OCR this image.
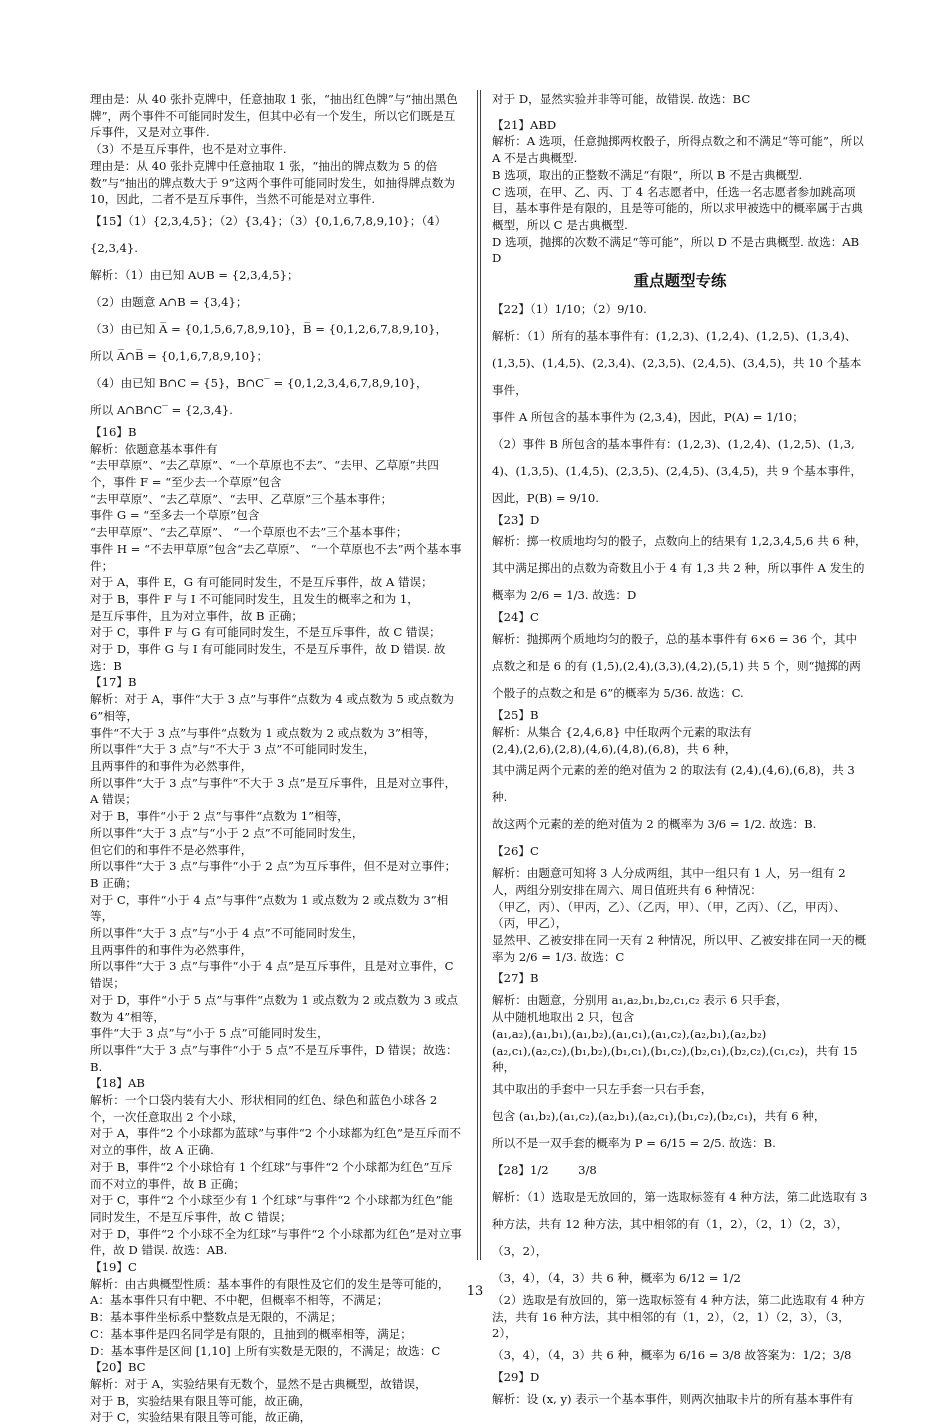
理由是：从 40 张扑克牌中，任意抽取 1 张，“抽出红色牌”与“抽出黑色牌”，两个事件不可能同时发生，但其中必有一个发生，所以它们既是互斥事件，又是对立事件.

（3）不是互斥事件，也不是对立事件.

理由是：从 40 张扑克牌中任意抽取 1 张，“抽出的牌点数为 5 的倍数”与“抽出的牌点数大于 9”这两个事件可能同时发生，如抽得牌点数为 10，因此，二者不是互斥事件，当然不可能是对立事件.

【15】（1）{2,3,4,5}；（2）{3,4}；（3）{0,1,6,7,8,9,10}；（4）{2,3,4}.

解析：（1）由已知 A∪B = {2,3,4,5}；

（2）由题意 A∩B = {3,4}；

（3）由已知 A̅ = {0,1,5,6,7,8,9,10}，B̅ = {0,1,2,6,7,8,9,10}，

所以 A̅∩B̅ = {0,1,6,7,8,9,10}；

（4）由已知 B∩C = {5}，B∩C‾ = {0,1,2,3,4,6,7,8,9,10}，

所以 A∩B∩C‾ = {2,3,4}.

【16】B

解析：依题意基本事件有

“去甲草原”、“去乙草原”、“一个草原也不去”、“去甲、乙草原”共四个，事件 F = “至少去一个草原”包含

“去甲草原”、“去乙草原”、“去甲、乙草原”三个基本事件；

事件 G = “至多去一个草原”包含

“去甲草原”、“去乙草原”、 “一个草原也不去”三个基本事件；

事件 H = “不去甲草原”包含“去乙草原”、 “一个草原也不去”两个基本事件；

对于 A，事件 E，G 有可能同时发生，不是互斥事件，故 A 错误；

对于 B，事件 F 与 I 不可能同时发生，且发生的概率之和为 1，

是互斥事件，且为对立事件，故 B 正确；

对于 C，事件 F 与 G 有可能同时发生，不是互斥事件，故 C 错误；

对于 D，事件 G 与 I 有可能同时发生，不是互斥事件，故 D 错误. 故选：B

【17】B

解析：对于 A，事件“大于 3 点”与事件“点数为 4 或点数为 5 或点数为 6”相等，

事件“不大于 3 点”与事件“点数为 1 或点数为 2 或点数为 3”相等，

所以事件“大于 3 点”与“不大于 3 点”不可能同时发生，

且两事件的和事件为必然事件，

所以事件“大于 3 点”与事件“不大于 3 点”是互斥事件，且是对立事件，A 错误；

对于 B，事件“小于 2 点”与事件“点数为 1”相等，

所以事件“大于 3 点”与“小于 2 点”不可能同时发生，

但它们的和事件不是必然事件，

所以事件“大于 3 点”与事件“小于 2 点”为互斥事件，但不是对立事件；B 正确；

对于 C，事件“小于 4 点”与事件“点数为 1 或点数为 2 或点数为 3”相等，

所以事件“大于 3 点”与“小于 4 点”不可能同时发生，

且两事件的和事件为必然事件，

所以事件“大于 3 点”与事件“小于 4 点”是互斥事件，且是对立事件，C 错误；

对于 D，事件“小于 5 点”与事件“点数为 1 或点数为 2 或点数为 3 或点数为 4”相等，

事件“大于 3 点”与“小于 5 点”可能同时发生，

所以事件“大于 3 点”与事件“小于 5 点”不是互斥事件，D 错误；故选：B.

【18】AB

解析：一个口袋内装有大小、形状相同的红色、绿色和蓝色小球各 2 个，一次任意取出 2 个小球，

对于 A，事件“2 个小球都为蓝球”与事件“2 个小球都为红色”是互斥而不对立的事件，故 A 正确.

对于 B，事件“2 个小球恰有 1 个红球”与事件“2 个小球都为红色”互斥而不对立的事件，故 B 正确；

对于 C，事件“2 个小球至少有 1 个红球”与事件“2 个小球都为红色”能同时发生，不是互斥事件，故 C 错误；

对于 D，事件“2 个小球不全为红球”与事件“2 个小球都为红色”是对立事件，故 D 错误. 故选：AB.

【19】C

解析：由古典概型性质：基本事件的有限性及它们的发生是等可能的，

A：基本事件只有中靶、不中靶，但概率不相等，不满足；

B：基本事件坐标系中整数点是无限的，不满足；

C：基本事件是四名同学是有限的，且抽到的概率相等，满足；

D：基本事件是区间 [1,10] 上所有实数是无限的，不满足；故选：C

【20】BC

解析：对于 A，实验结果有无数个，显然不是古典概型，故错误，

对于 B，实验结果有限且等可能，故正确，

对于 C，实验结果有限且等可能，故正确，

对于 D，显然实验并非等可能，故错误. 故选：BC

【21】ABD

解析：A 选项，任意抛掷两枚骰子，所得点数之和不满足“等可能”，所以 A 不是古典概型.

B 选项，取出的正整数不满足“有限”，所以 B 不是古典概型.

C 选项，在甲、乙、丙、丁 4 名志愿者中，任选一名志愿者参加跳高项目，基本事件是有限的，且是等可能的，所以求甲被选中的概率属于古典概型，所以 C 是古典概型.

D 选项，抛掷的次数不满足“等可能”，所以 D 不是古典概型. 故选：ABD

重点题型专练

【22】（1）1/10；（2）9/10.

解析：（1）所有的基本事件有：(1,2,3)、(1,2,4)、(1,2,5)、(1,3,4)、(1,3,5)、(1,4,5)、(2,3,4)、(2,3,5)、(2,4,5)、(3,4,5)，共 10 个基本事件，

事件 A 所包含的基本事件为 (2,3,4)，因此，P(A) = 1/10；

（2）事件 B 所包含的基本事件有：(1,2,3)、(1,2,4)、(1,2,5)、(1,3,4)、(1,3,5)、(1,4,5)、(2,3,5)、(2,4,5)、(3,4,5)，共 9 个基本事件，因此，P(B) = 9/10.

【23】D

解析：掷一枚质地均匀的骰子，点数向上的结果有 1,2,3,4,5,6 共 6 种，其中满足掷出的点数为奇数且小于 4 有 1,3 共 2 种，所以事件 A 发生的概率为 2/6 = 1/3. 故选：D

【24】C

解析：抛掷两个质地均匀的骰子，总的基本事件有 6×6 = 36 个，其中点数之和是 6 的有 (1,5),(2,4),(3,3),(4,2),(5,1) 共 5 个，则“抛掷的两个骰子的点数之和是 6”的概率为 5/36. 故选：C.

【25】B

解析：从集合 {2,4,6,8} 中任取两个元素的取法有

(2,4),(2,6),(2,8),(4,6),(4,8),(6,8)，共 6 种，

其中满足两个元素的差的绝对值为 2 的取法有 (2,4),(4,6),(6,8)，共 3 种.

故这两个元素的差的绝对值为 2 的概率为 3/6 = 1/2. 故选：B.

【26】C

解析：由题意可知将 3 人分成两组，其中一组只有 1 人，另一组有 2 人，两组分别安排在周六、周日值班共有 6 种情况：

（甲乙，丙）、（甲丙，乙）、（乙丙，甲）、（甲，乙丙）、（乙，甲丙）、（丙，甲乙），

显然甲、乙被安排在同一天有 2 种情况，所以甲、乙被安排在同一天的概率为 2/6 = 1/3. 故选：C

【27】B

解析：由题意，分别用 a₁,a₂,b₁,b₂,c₁,c₂ 表示 6 只手套，

从中随机地取出 2 只，包含

(a₁,a₂),(a₁,b₁),(a₁,b₂),(a₁,c₁),(a₁,c₂),(a₂,b₁),(a₂,b₂)

(a₂,c₁),(a₂,c₂),(b₁,b₂),(b₁,c₁),(b₁,c₂),(b₂,c₁),(b₂,c₂),(c₁,c₂)，共有 15 种，

其中取出的手套中一只左手套一只右手套，

包含 (a₁,b₂),(a₁,c₂),(a₂,b₁),(a₂,c₁),(b₁,c₂),(b₂,c₁)，共有 6 种，

所以不是一双手套的概率为 P = 6/15 = 2/5. 故选：B.

【28】1/2        3/8

解析：（1）选取是无放回的，第一选取标签有 4 种方法，第二此选取有 3 种方法，共有 12 种方法，其中相邻的有（1，2），（2，1）（2，3），（3，2），

（3，4），（4，3）共 6 种，概率为 6/12 = 1/2

（2）选取是有放回的，第一选取标签有 4 种方法，第二此选取有 4 种方法，共有 16 种方法，其中相邻的有（1，2），（2，1）（2，3），（3，2），

（3，4），（4，3）共 6 种，概率为 6/16 = 3/8 故答案为：1/2；3/8

【29】D

解析：设 (x, y) 表示一个基本事件，则两次抽取卡片的所有基本事件有

13
